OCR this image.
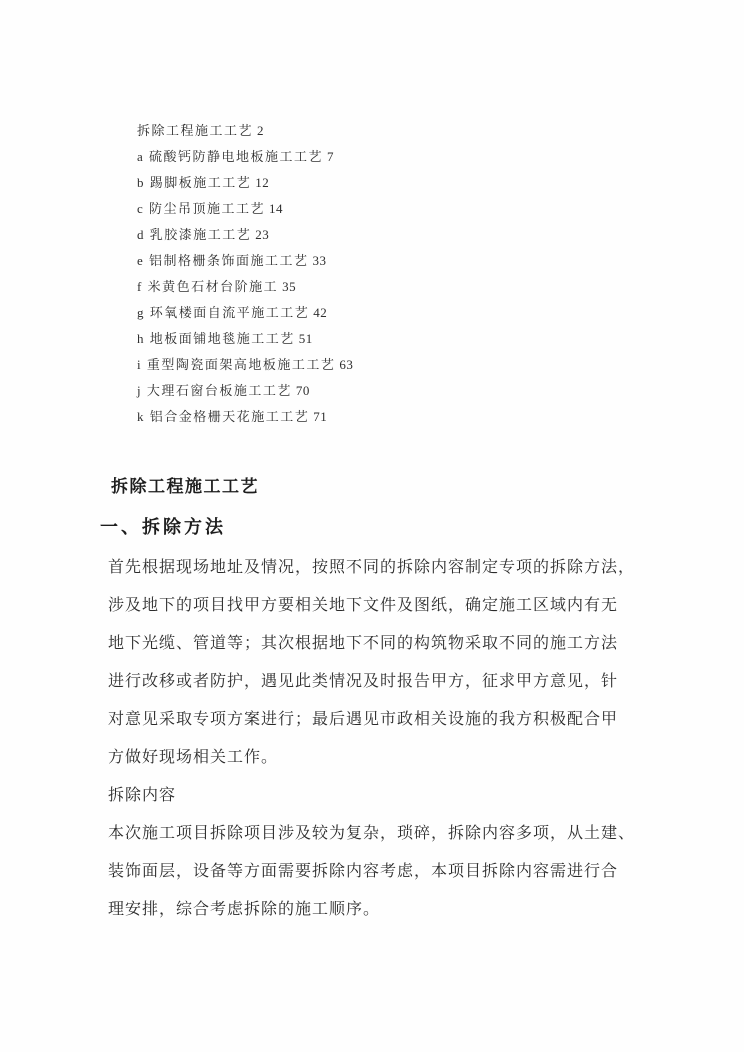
拆除工程施工工艺 2
a 硫酸钙防静电地板施工工艺 7
b 踢脚板施工工艺 12
c 防尘吊顶施工工艺 14
d 乳胶漆施工工艺 23
e 铝制格栅条饰面施工工艺 33
f 米黄色石材台阶施工 35
g 环氧楼面自流平施工工艺 42
h 地板面铺地毯施工工艺 51
i 重型陶瓷面架高地板施工工艺 63
j 大理石窗台板施工工艺 70
k 铝合金格栅天花施工工艺 71
拆除工程施工工艺
一、拆除方法
首先根据现场地址及情况，按照不同的拆除内容制定专项的拆除方法，
涉及地下的项目找甲方要相关地下文件及图纸，确定施工区域内有无
地下光缆、管道等；其次根据地下不同的构筑物采取不同的施工方法
进行改移或者防护，遇见此类情况及时报告甲方，征求甲方意见，针
对意见采取专项方案进行；最后遇见市政相关设施的我方积极配合甲
方做好现场相关工作。
拆除内容
本次施工项目拆除项目涉及较为复杂，琐碎，拆除内容多项，从土建、
装饰面层，设备等方面需要拆除内容考虑，本项目拆除内容需进行合
理安排，综合考虑拆除的施工顺序。
